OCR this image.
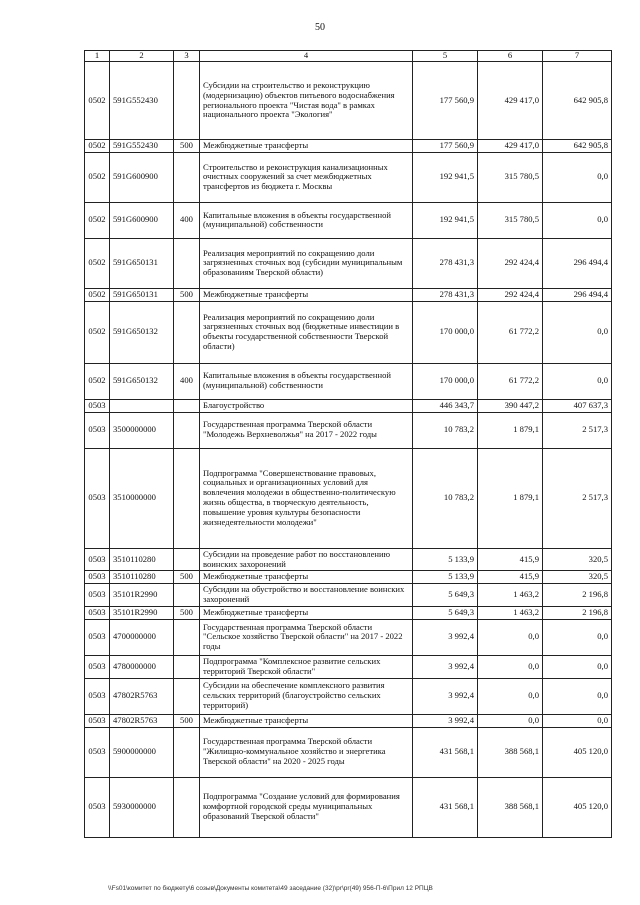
50
1	2	3	4	5	6	7
0502	591G552430		Субсидии на строительство и реконструкцию (модернизацию) объектов питьевого водоснабжения регионального проекта "Чистая вода" в рамках национального проекта "Экология"	177 560,9	429 417,0	642 905,8
0502	591G552430	500	Межбюджетные трансферты	177 560,9	429 417,0	642 905,8
0502	591G600900		Строительство и реконструкция канализационных очистных сооружений за счет межбюджетных трансфертов из бюджета г. Москвы	192 941,5	315 780,5	0,0
0502	591G600900	400	Капитальные вложения в объекты государственной (муниципальной) собственности	192 941,5	315 780,5	0,0
0502	591G650131		Реализация мероприятий по сокращению доли загрязненных сточных вод (субсидии муниципальным образованиям Тверской области)	278 431,3	292 424,4	296 494,4
0502	591G650131	500	Межбюджетные трансферты	278 431,3	292 424,4	296 494,4
0502	591G650132		Реализация мероприятий по сокращению доли загрязненных сточных вод (бюджетные инвестиции в объекты государственной собственности Тверской области)	170 000,0	61 772,2	0,0
0502	591G650132	400	Капитальные вложения в объекты государственной (муниципальной) собственности	170 000,0	61 772,2	0,0
0503			Благоустройство	446 343,7	390 447,2	407 637,3
0503	3500000000		Государственная программа Тверской области "Молодежь Верхневолжья" на 2017 - 2022 годы	10 783,2	1 879,1	2 517,3
0503	3510000000		Подпрограмма "Совершенствование правовых, социальных и организационных условий для вовлечения молодежи в общественно-политическую жизнь общества, в творческую деятельность, повышение уровня культуры безопасности жизнедеятельности молодежи"	10 783,2	1 879,1	2 517,3
0503	3510110280		Субсидии на проведение работ по восстановлению воинских захоронений	5 133,9	415,9	320,5
0503	3510110280	500	Межбюджетные трансферты	5 133,9	415,9	320,5
0503	35101R2990		Субсидии на обустройство и восстановление воинских захоронений	5 649,3	1 463,2	2 196,8
0503	35101R2990	500	Межбюджетные трансферты	5 649,3	1 463,2	2 196,8
0503	4700000000		Государственная программа Тверской области "Сельское хозяйство Тверской области" на 2017 - 2022 годы	3 992,4	0,0	0,0
0503	4780000000		Подпрограмма "Комплексное развитие сельских территорий Тверской области"	3 992,4	0,0	0,0
0503	47802R5763		Субсидии на обеспечение комплексного развития сельских территорий (благоустройство сельских территорий)	3 992,4	0,0	0,0
0503	47802R5763	500	Межбюджетные трансферты	3 992,4	0,0	0,0
0503	5900000000		Государственная программа Тверской области "Жилищно-коммунальное хозяйство и энергетика Тверской области" на 2020 - 2025 годы	431 568,1	388 568,1	405 120,0
0503	5930000000		Подпрограмма "Создание условий для формирования комфортной городской среды муниципальных образований Тверской области"	431 568,1	388 568,1	405 120,0
\\Fs01\комитет по бюджету\6 созыв\Документы комитета\49 заседание (32)\pr\pr(49) 956-П-6\Прил 12 РПЦВ
